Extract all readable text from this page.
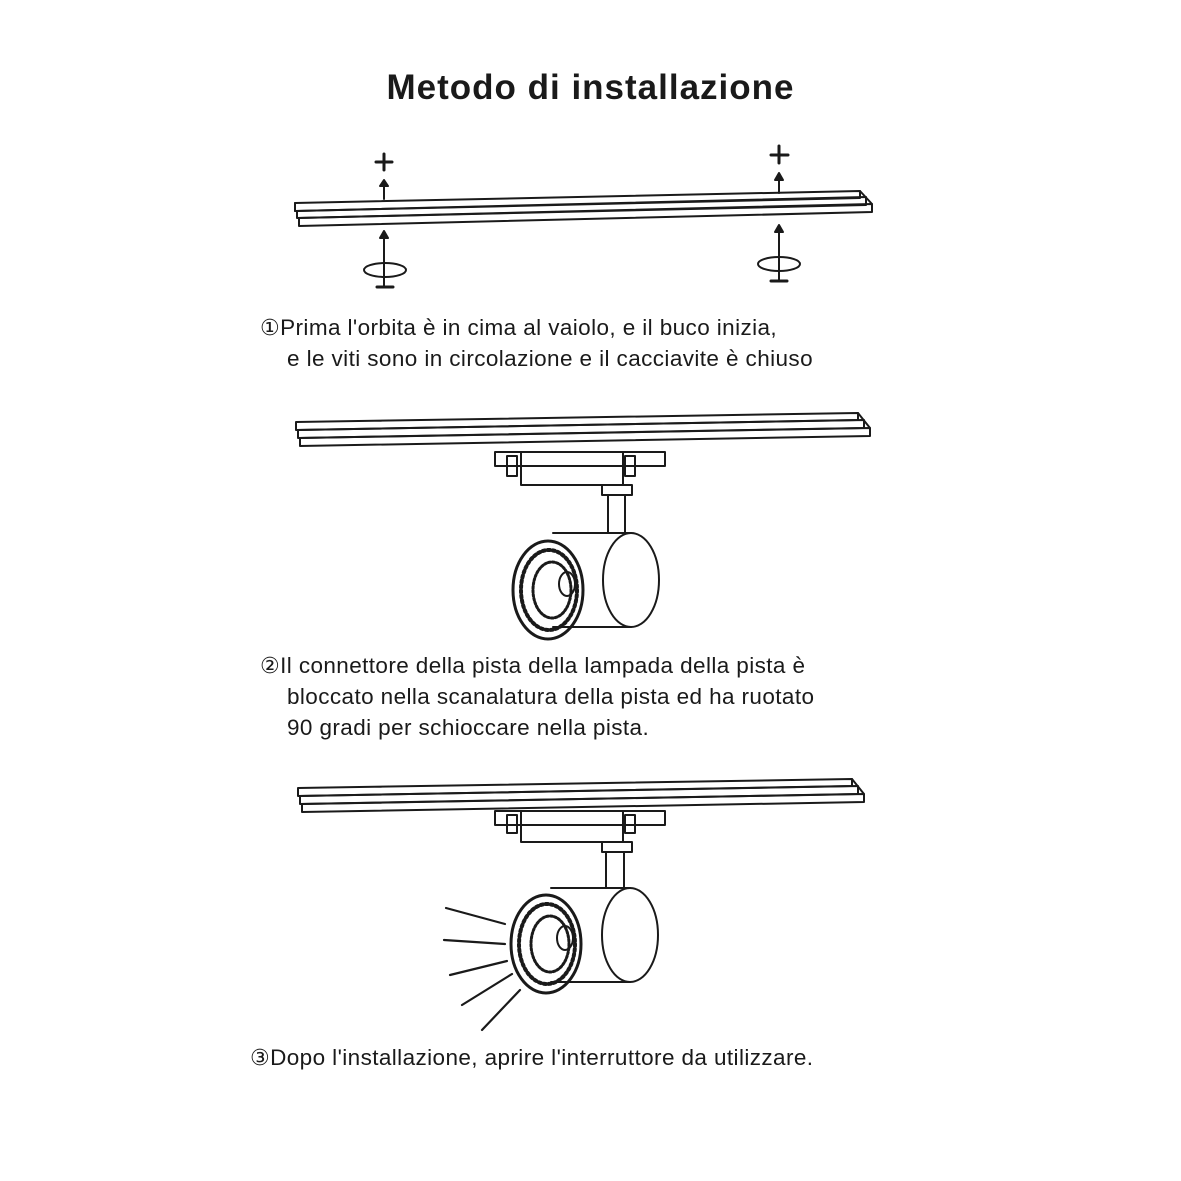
Metodo di installazione
①Prima l'orbita è in cima al vaiolo, e il buco inizia,
e le viti sono in circolazione e il cacciavite è chiuso
②Il connettore della pista della lampada della pista è
bloccato nella scanalatura della pista ed ha ruotato
90 gradi per schioccare nella pista.
③Dopo l'installazione, aprire l'interruttore da utilizzare.
